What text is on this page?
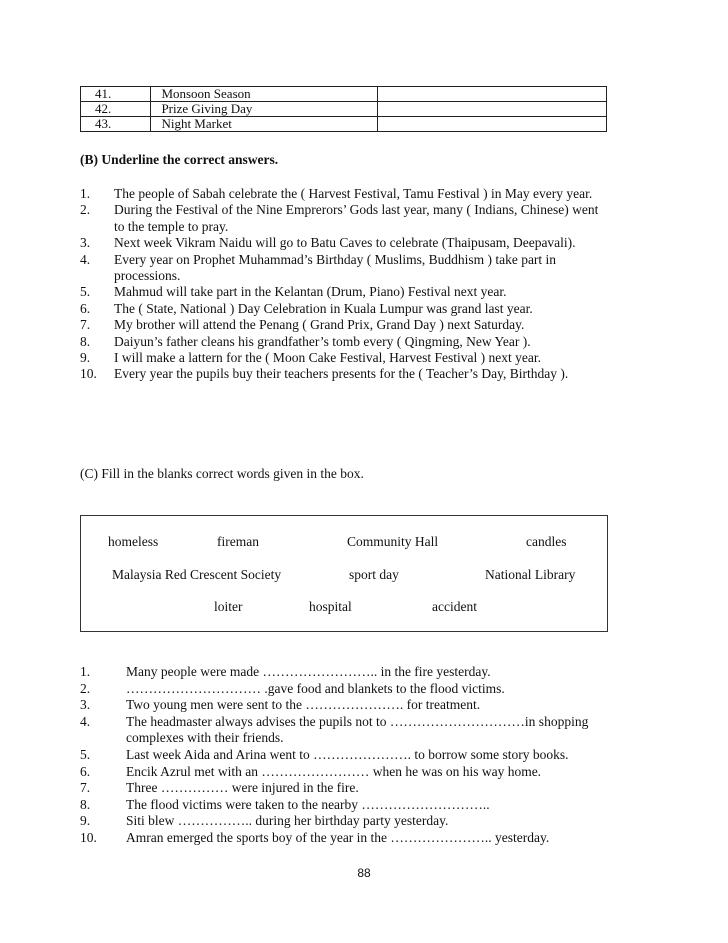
41.	Monsoon Season	
42.	Prize Giving Day	
43.	Night Market	
(B) Underline the correct answers.
1. The people of Sabah celebrate the ( Harvest Festival, Tamu Festival ) in May every year.
2. During the Festival of the Nine Emprerors’ Gods last year, many ( Indians, Chinese) went to the temple to pray.
3. Next week Vikram Naidu will go to Batu Caves to celebrate (Thaipusam, Deepavali).
4. Every year on Prophet Muhammad’s Birthday ( Muslims, Buddhism ) take part in processions.
5. Mahmud will take part in the Kelantan (Drum, Piano) Festival next year.
6. The ( State, National ) Day Celebration in Kuala Lumpur was grand last year.
7. My brother will attend the Penang ( Grand Prix, Grand Day ) next Saturday.
8. Daiyun’s father cleans his grandfather’s tomb every ( Qingming, New Year ).
9. I will make a lattern for the ( Moon Cake Festival, Harvest Festival ) next year.
10. Every year the pupils buy their teachers presents for the ( Teacher’s Day, Birthday ).
(C) Fill in the blanks correct words given in the box.
homeless	fireman	Community Hall	candles
Malaysia Red Crescent Society	sport day	National Library
loiter	hospital	accident
1.	Many people were made …………………….. in the fire yesterday.
2.	………………………… .gave food and blankets to the flood victims.
3.	Two young men were sent to the …………………. for treatment.
4.	The headmaster always advises the pupils not to …………………………in shopping complexes with their friends.
5.	Last week Aida and Arina went to …………………. to borrow some story books.
6.	Encik Azrul met with an …………………… when he was on his way home.
7.	Three …………… were injured in the fire.
8.	The flood victims were taken to the nearby ………………………..
9.	Siti blew …………….. during her birthday party yesterday.
10. Amran emerged the sports boy of the year in the ………………….. yesterday.
88
